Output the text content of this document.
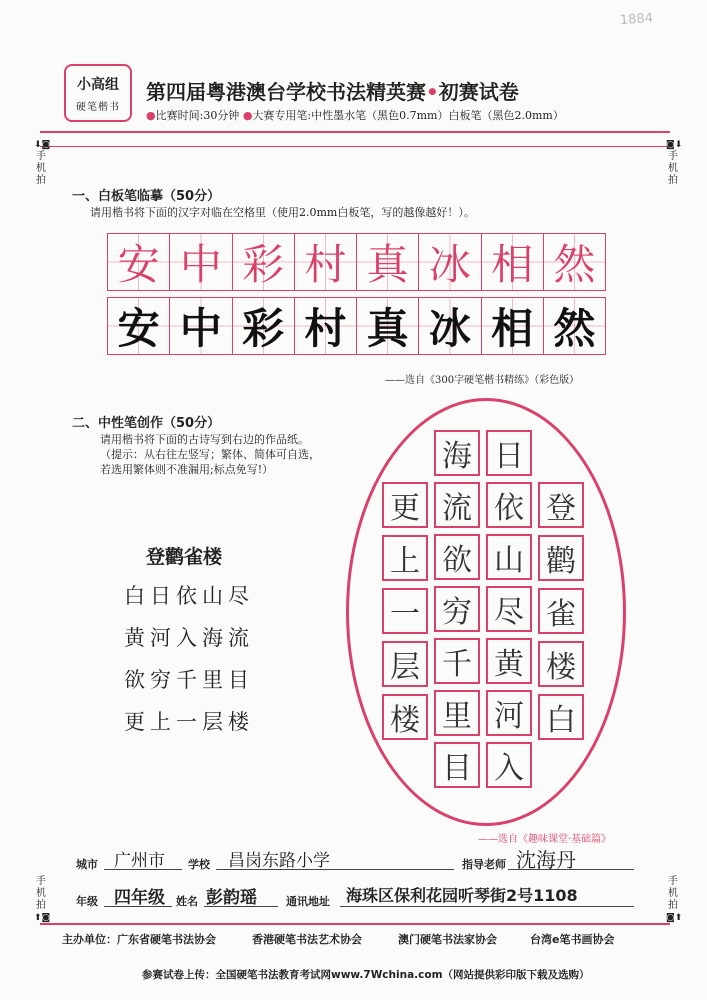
1884
小高组
硬笔楷书
第四届粤港澳台学校书法精英赛•初赛试卷
●比赛时间:30分钟 ●大赛专用笔:中性墨水笔（黑色0.7mm）白板笔（黑色2.0mm）
⬇◙
手机拍
◙⬇
手机拍
一、白板笔临摹（50分）
请用楷书将下面的汉字对临在空格里（使用2.0mm白板笔，写的越像越好！）。
安 中 彩 村 真 冰 相 然
安 中 彩 村 真 冰 相 然
——选自《300字硬笔楷书精练》（彩色版）
二、中性笔创作（50分）
请用楷书将下面的古诗写到右边的作品纸。
（提示：从右往左竖写；繁体、简体可自选，
若选用繁体则不准漏用;标点免写!）
登鹳雀楼
白日依山尽
黄河入海流
欲穷千里目
更上一层楼
登
鹳
雀
楼
白
日
依
山
尽
黄
河
入
海
流
欲
穷
千
里
目
更
上
一
层
楼
——选自《趣味课堂·基础篇》
城市 广州市 学校 昌岗东路小学	指导老师 沈海丹
年级 四年级 姓名 彭韵瑶	通讯地址 海珠区保利花园听琴街2号1108
手机拍
⬆◙
手机拍
◙⬆
主办单位：广东省硬笔书法协会	香港硬笔书法艺术协会	澳门硬笔书法家协会	台湾e笔书画协会
参赛试卷上传：全国硬笔书法教育考试网www.7Wchina.com（网站提供彩印版下载及选购）
